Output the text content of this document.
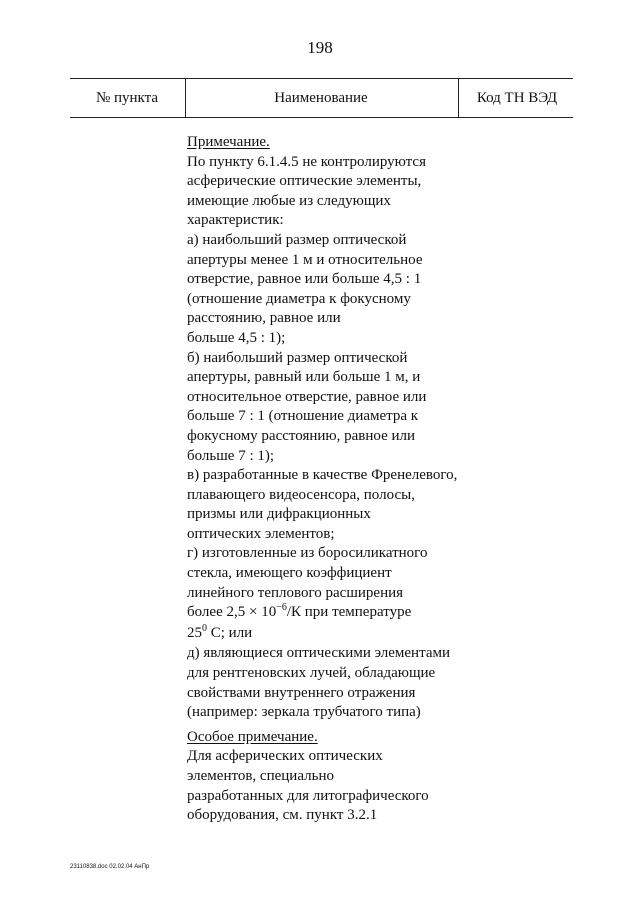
198
№ пункта	Наименование	Код ТН ВЭД
Примечание.
По пункту 6.1.4.5 не контролируются
асферические оптические элементы,
имеющие любые из следующих
характеристик:
а) наибольший размер оптической
апертуры менее 1 м и относительное
отверстие, равное или больше 4,5 : 1
(отношение диаметра к фокусному
расстоянию, равное или
больше 4,5 : 1);
б) наибольший размер оптической
апертуры, равный или больше 1 м, и
относительное отверстие, равное или
больше 7 : 1 (отношение диаметра к
фокусному расстоянию, равное или
больше 7 : 1);
в) разработанные в качестве Френелевого,
плавающего видеосенсора, полосы,
призмы или дифракционных
оптических элементов;
г) изготовленные из боросиликатного
стекла, имеющего коэффициент
линейного теплового расширения
более $2,5 \times 10^{-6}/К$ при температуре
$25^0$ С; или
д) являющиеся оптическими элементами
для рентгеновских лучей, обладающие
свойствами внутреннего отражения
(например: зеркала трубчатого типа)
Особое примечание.
Для асферических оптических
элементов, специально
разработанных для литографического
оборудования, см. пункт 3.2.1
23110838.doc 02.02.04 АнПр
